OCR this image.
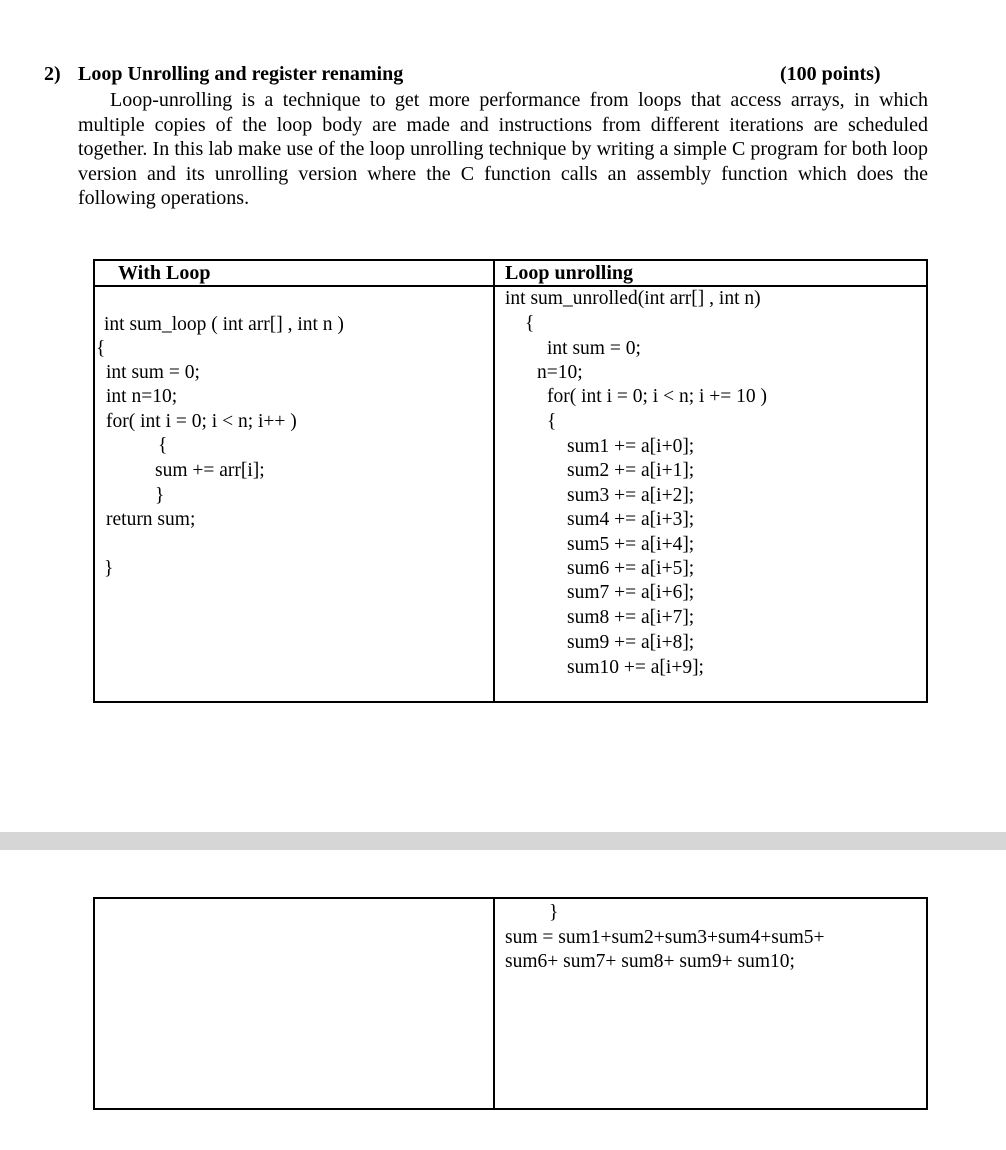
2) Loop Unrolling and register renaming	(100 points)
Loop-unrolling is a technique to get more performance from loops that access arrays, in which multiple copies of the loop body are made and instructions from different iterations are scheduled together. In this lab make use of the loop unrolling technique by writing a simple C program for both loop version and its unrolling version where the C function calls an assembly function which does the following operations.
With Loop	Loop unrolling
int sum_loop ( int arr[] , int n )
{
int sum = 0;
int n=10;
for( int i = 0; i < n; i++ )
{
sum += arr[i];
}
return sum;
}
int sum_unrolled(int arr[] , int n)
{
int sum = 0;
n=10;
for( int i = 0; i < n; i += 10 )
{
sum1 += a[i+0];
sum2 += a[i+1];
sum3 += a[i+2];
sum4 += a[i+3];
sum5 += a[i+4];
sum6 += a[i+5];
sum7 += a[i+6];
sum8 += a[i+7];
sum9 += a[i+8];
sum10 += a[i+9];
}
sum = sum1+sum2+sum3+sum4+sum5+
sum6+ sum7+ sum8+ sum9+ sum10;
